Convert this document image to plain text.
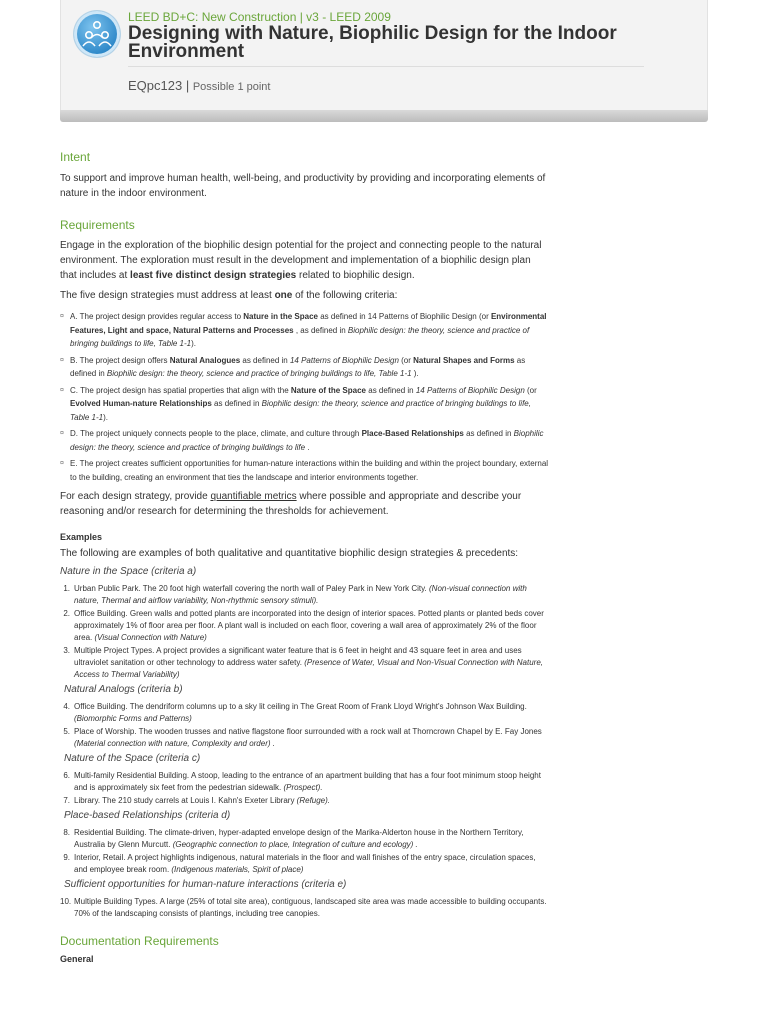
LEED BD+C: New Construction | v3 - LEED 2009
Designing with Nature, Biophilic Design for the Indoor Environment
EQpc123 | Possible 1 point
Intent

To support and improve human health, well-being, and productivity by providing and incorporating elements of nature in the indoor environment.

Requirements

Engage in the exploration of the biophilic design potential for the project and connecting people to the natural environment. The exploration must result in the development and implementation of a biophilic design plan that includes at least five distinct design strategies related to biophilic design.

The five design strategies must address at least one of the following criteria:

¤ A. The project design provides regular access to Nature in the Space as defined in 14 Patterns of Biophilic Design (or Environmental Features, Light and space, Natural Patterns and Processes , as defined in Biophilic design: the theory, science and practice of bringing buildings to life, Table 1-1).
¤ B. The project design offers Natural Analogues as defined in 14 Patterns of Biophilic Design (or Natural Shapes and Forms as defined in Biophilic design: the theory, science and practice of bringing buildings to life, Table 1-1 ).
¤ C. The project design has spatial properties that align with the Nature of the Space as defined in 14 Patterns of Biophilic Design (or Evolved Human-nature Relationships as defined in Biophilic design: the theory, science and practice of bringing buildings to life, Table 1-1).
¤ D. The project uniquely connects people to the place, climate, and culture through Place-Based Relationships as defined in Biophilic design: the theory, science and practice of bringing buildings to life .
¤ E. The project creates sufficient opportunities for human-nature interactions within the building and within the project boundary, external to the building, creating an environment that ties the landscape and interior environments together.

For each design strategy, provide quantifiable metrics where possible and appropriate and describe your reasoning and/or research for determining the thresholds for achievement.

Examples

The following are examples of both qualitative and quantitative biophilic design strategies & precedents:

Nature in the Space (criteria a)
1. Urban Public Park. The 20 foot high waterfall covering the north wall of Paley Park in New York City. (Non-visual connection with nature, Thermal and airflow variability, Non-rhythmic sensory stimuli).
2. Office Building. Green walls and potted plants are incorporated into the design of interior spaces. Potted plants or planted beds cover approximately 1% of floor area per floor. A plant wall is included on each floor, covering a wall area of approximately 2% of the floor area. (Visual Connection with Nature)
3. Multiple Project Types. A project provides a significant water feature that is 6 feet in height and 43 square feet in area and uses ultraviolet sanitation or other technology to address water safety. (Presence of Water, Visual and Non-Visual Connection with Nature, Access to Thermal Variability)
Natural Analogs (criteria b)
4. Office Building. The dendriform columns up to a sky lit ceiling in The Great Room of Frank Lloyd Wright's Johnson Wax Building. (Biomorphic Forms and Patterns)
5. Place of Worship. The wooden trusses and native flagstone floor surrounded with a rock wall at Thorncrown Chapel by E. Fay Jones (Material connection with nature, Complexity and order) .
Nature of the Space (criteria c)
6. Multi-family Residential Building. A stoop, leading to the entrance of an apartment building that has a four foot minimum stoop height and is approximately six feet from the pedestrian sidewalk. (Prospect).
7. Library. The 210 study carrels at Louis I. Kahn's Exeter Library (Refuge).
Place-based Relationships (criteria d)
8. Residential Building. The climate-driven, hyper-adapted envelope design of the Marika-Alderton house in the Northern Territory, Australia by Glenn Murcutt. (Geographic connection to place, Integration of culture and ecology) .
9. Interior, Retail. A project highlights indigenous, natural materials in the floor and wall finishes of the entry space, circulation spaces, and employee break room. (Indigenous materials, Spirit of place)
Sufficient opportunities for human-nature interactions (criteria e)
10. Multiple Building Types. A large (25% of total site area), contiguous, landscaped site area was made accessible to building occupants. 70% of the landscaping consists of plantings, including tree canopies.
Documentation Requirements
General
